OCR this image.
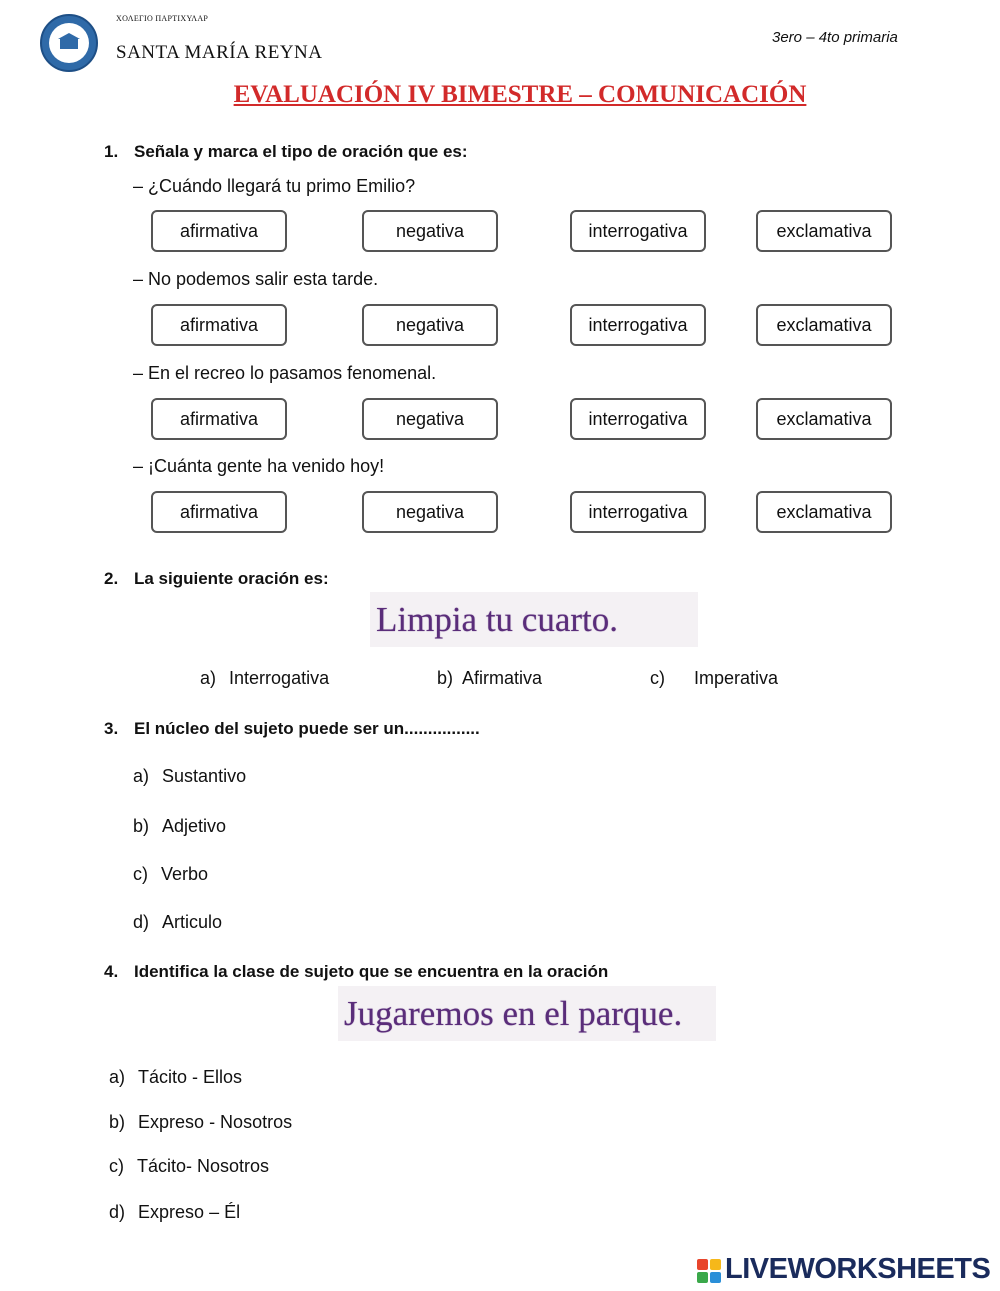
ΧΟΛΕΓΙΟ ΠΑΡΤΙΧΥΛΑΡ
SANTA MARÍA REYNA
3ero – 4to primaria
EVALUACIÓN IV BIMESTRE – COMUNICACIÓN
1. Señala y marca el tipo de oración que es:
– ¿Cuándo llegará tu primo Emilio?
afirmativa	negativa	interrogativa	exclamativa
– No podemos salir esta tarde.
afirmativa	negativa	interrogativa	exclamativa
– En el recreo lo pasamos fenomenal.
afirmativa	negativa	interrogativa	exclamativa
– ¡Cuánta gente ha venido hoy!
afirmativa	negativa	interrogativa	exclamativa
2. La siguiente oración es:
Limpia tu cuarto.
a) Interrogativa	b) Afirmativa	c) Imperativa
3. El núcleo del sujeto puede ser un................
a) Sustantivo
b) Adjetivo
c) Verbo
d) Articulo
4. Identifica la clase de sujeto que se encuentra en la oración
Jugaremos en el parque.
a) Tácito - Ellos
b) Expreso - Nosotros
c) Tácito- Nosotros
d) Expreso – Él
LIVEWORKSHEETS
